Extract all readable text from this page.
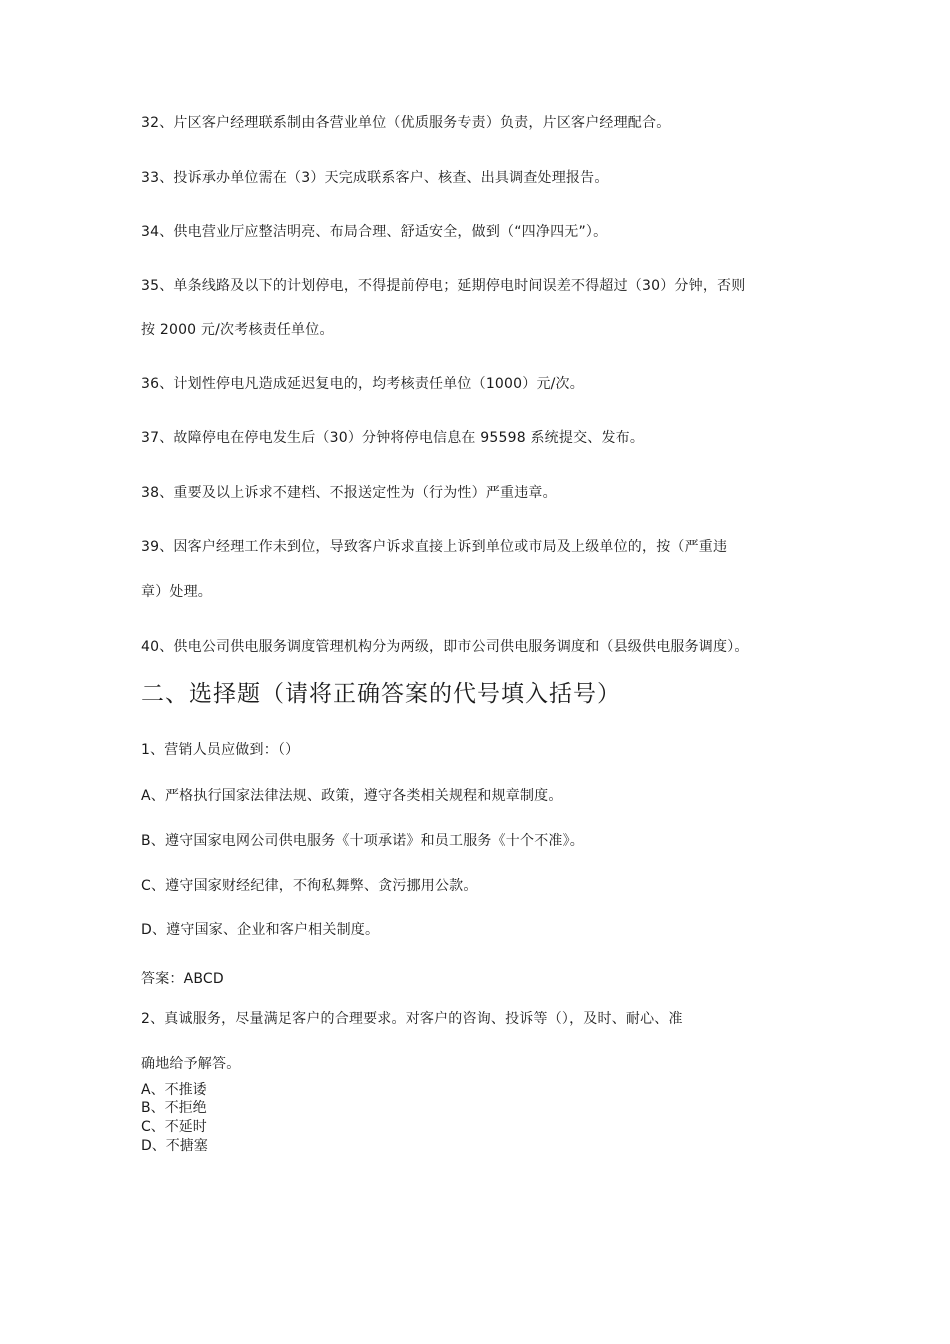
32、片区客户经理联系制由各营业单位（优质服务专责）负责，片区客户经理配合。

33、投诉承办单位需在（3）天完成联系客户、核查、出具调查处理报告。

34、供电营业厅应整洁明亮、布局合理、舒适安全，做到（“四净四无”）。

35、单条线路及以下的计划停电，不得提前停电；延期停电时间误差不得超过（30）分钟，否则

按 2000 元/次考核责任单位。

36、计划性停电凡造成延迟复电的，均考核责任单位（1000）元/次。

37、故障停电在停电发生后（30）分钟将停电信息在 95598 系统提交、发布。

38、重要及以上诉求不建档、不报送定性为（行为性）严重违章。

39、因客户经理工作未到位，导致客户诉求直接上诉到单位或市局及上级单位的，按（严重违

章）处理。

40、供电公司供电服务调度管理机构分为两级，即市公司供电服务调度和（县级供电服务调度）。

二、选择题（请将正确答案的代号填入括号）

1、营销人员应做到：（）

A、严格执行国家法律法规、政策，遵守各类相关规程和规章制度。

B、遵守国家电网公司供电服务《十项承诺》和员工服务《十个不准》。

C、遵守国家财经纪律，不徇私舞弊、贪污挪用公款。

D、遵守国家、企业和客户相关制度。

答案：ABCD

2、真诚服务，尽量满足客户的合理要求。对客户的咨询、投诉等（），及时、耐心、准

确地给予解答。

A、不推诿

B、不拒绝

C、不延时

D、不搪塞
